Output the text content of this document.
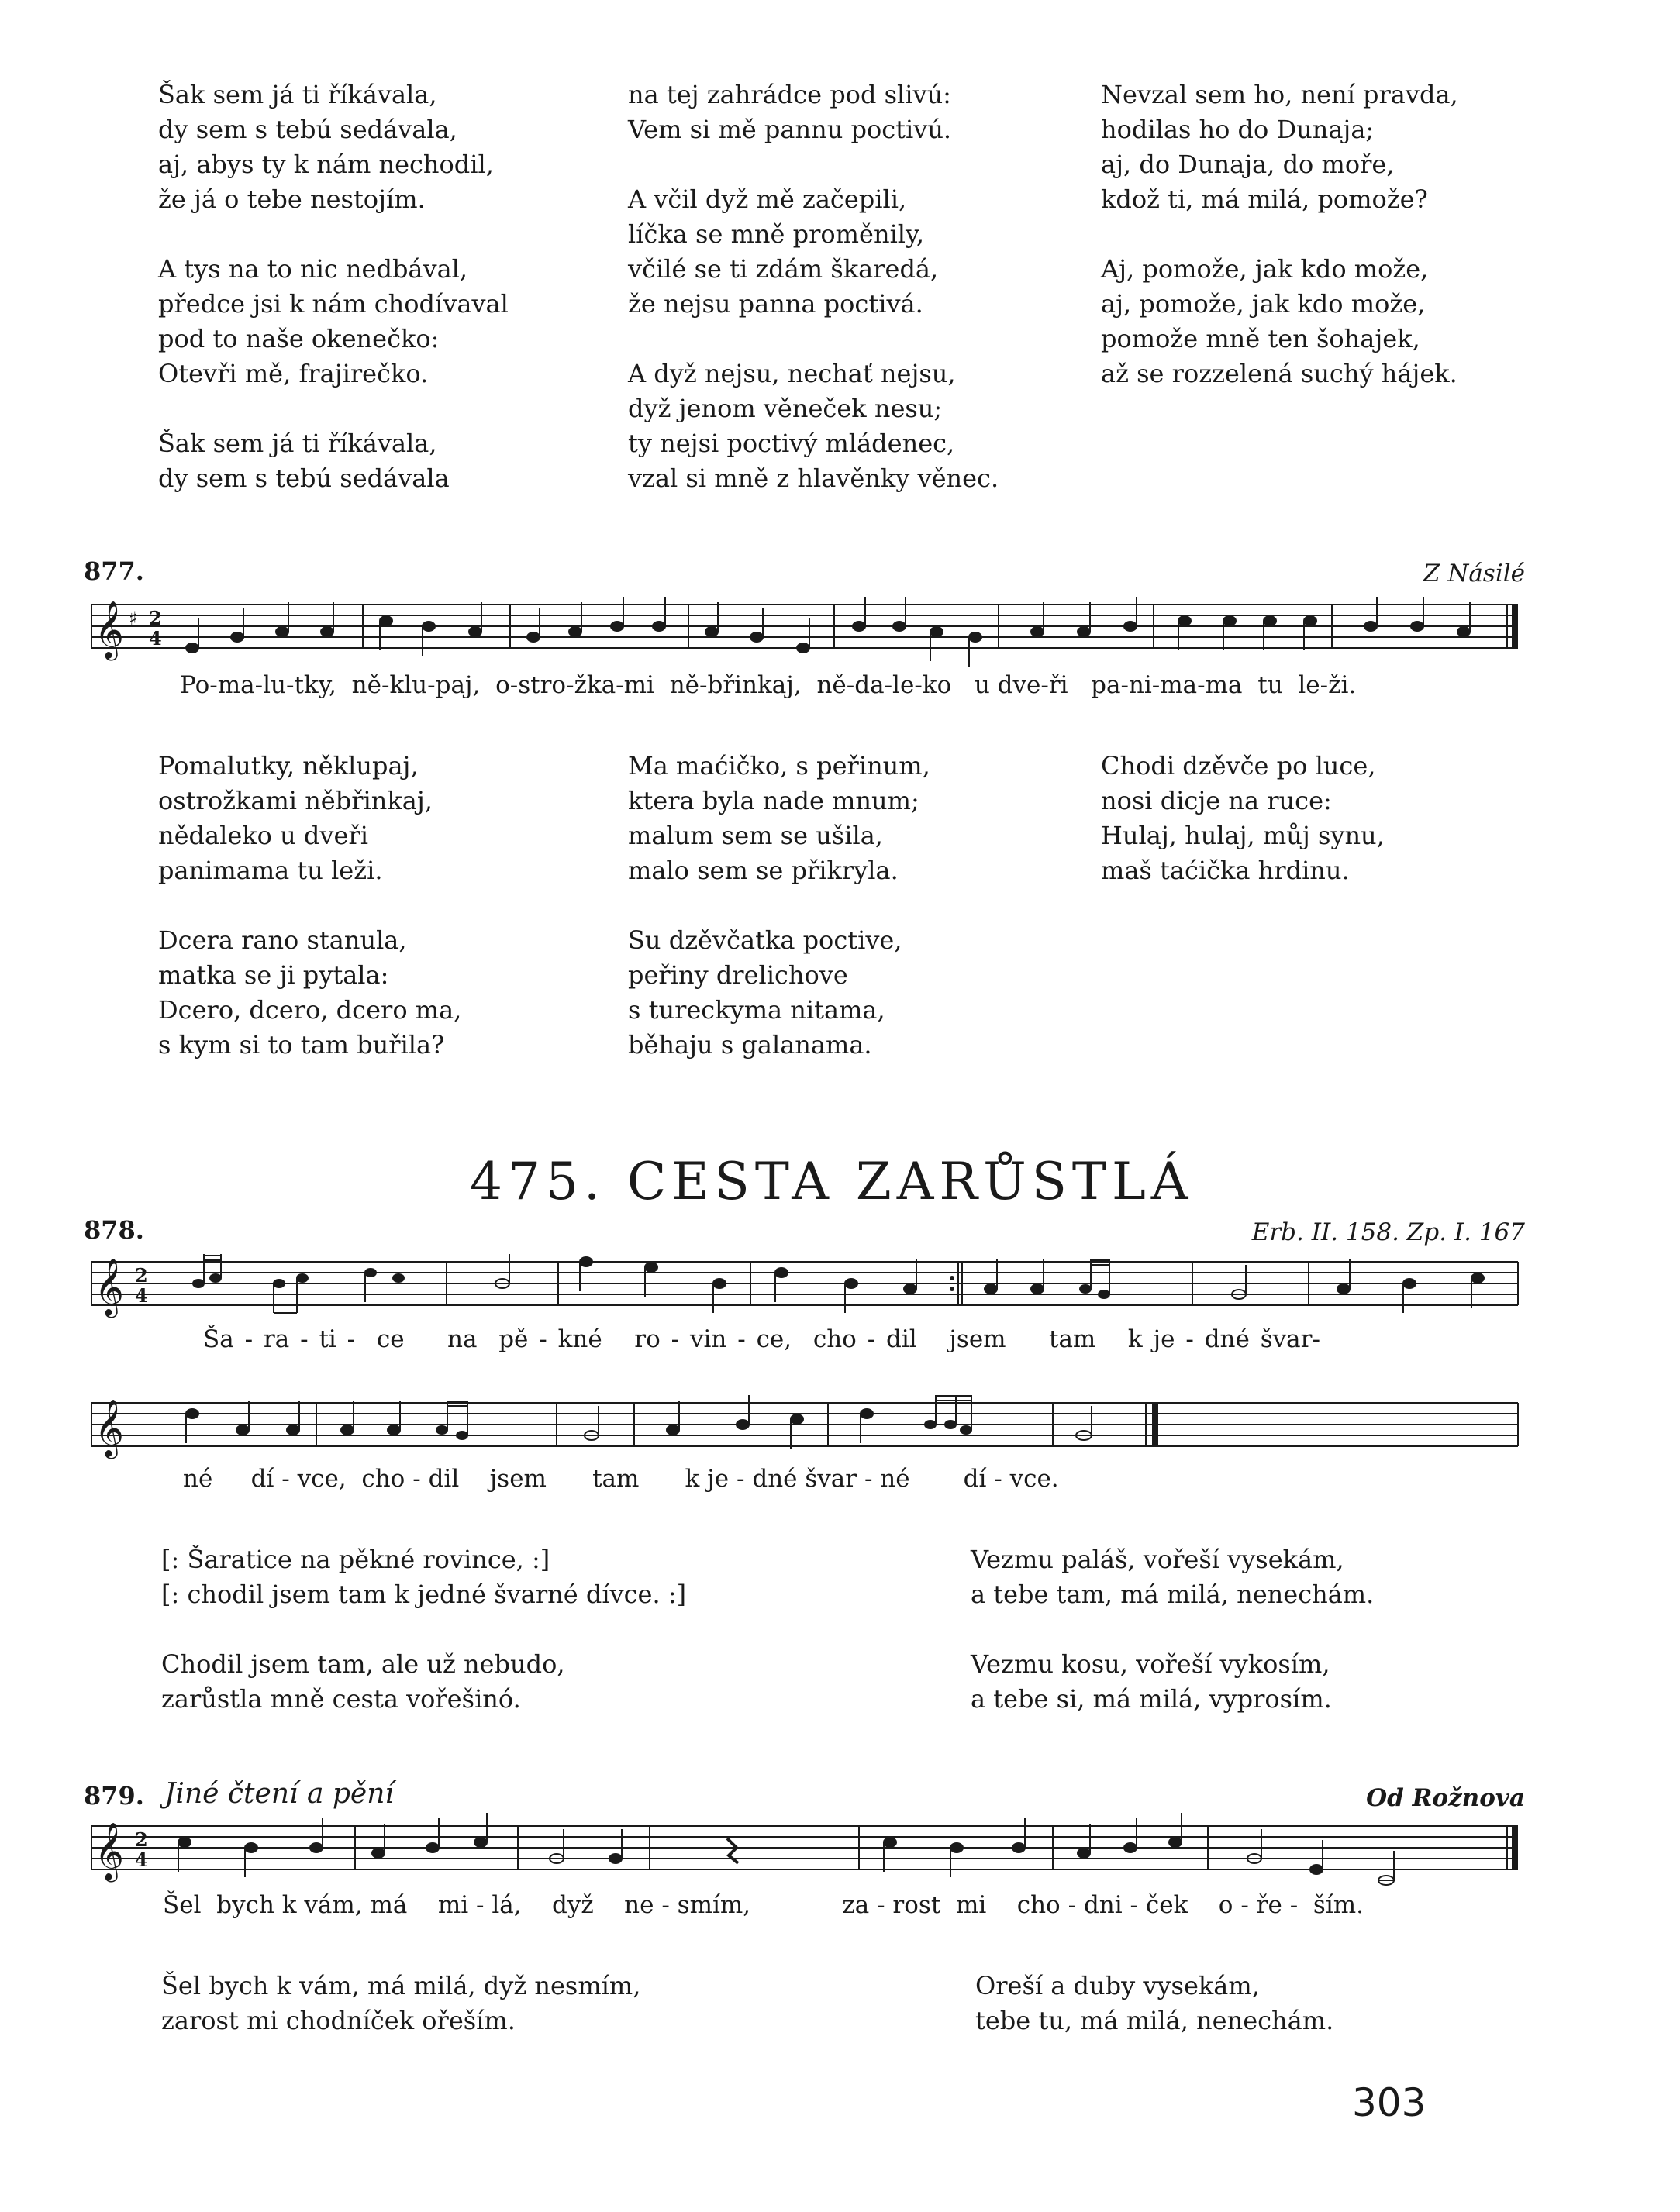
Šak sem já ti říkávala,
dy sem s tebú sedávala,
aj, abys ty k nám nechodil,
že já o tebe nestojím.
A tys na to nic nedbával,
předce jsi k nám chodívaval
pod to naše okenečko:
Otevři mě, frajirečko.
Šak sem já ti říkávala,
dy sem s tebú sedávala
na tej zahrádce pod slivú:
Vem si mě pannu poctivú.
A včil dyž mě začepili,
líčka se mně proměnily,
včilé se ti zdám škaredá,
že nejsu panna poctivá.
A dyž nejsu, nechať nejsu,
dyž jenom věneček nesu;
ty nejsi poctivý mládenec,
vzal si mně z hlavěnky věnec.
Nevzal sem ho, není pravda,
hodilas ho do Dunaja;
aj, do Dunaja, do moře,
kdož ti, má milá, pomože?
Aj, pomože, jak kdo može,
aj, pomože, jak kdo može,
pomože mně ten šohajek,
až se rozzelená suchý hájek.
877.	Z Násilé
𝄞 ♯ 2
4
Po-ma-lu-tky, ně-klu-paj, o-stro-žka-mi ně-břinkaj, ně-da-le-ko u dve-ři pa-ni-ma-ma tu le-ži.
Pomalutky, něklupaj,
ostrožkami něbřinkaj,
nědaleko u dveři
panimama tu leži.
Dcera rano stanula,
matka se ji pytala:
Dcero, dcero, dcero ma,
s kym si to tam buřila?
Ma maćičko, s peřinum,
ktera byla nade mnum;
malum sem se ušila,
malo sem se přikryla.
Su dzěvčatka poctive,
peřiny drelichove
s tureckyma nitama,
běhaju s galanama.
Chodi dzěvče po luce,
nosi dicje na ruce:
Hulaj, hulaj, můj synu,
maš taćička hrdinu.
475. CESTA ZARŮSTLÁ
878.	Erb. II. 158. Zp. I. 167
𝄞 2
4
Ša - ra - ti - ce na pě - kné ro - vin - ce, cho - dil jsem tam k je - dné švar-
𝄞
né dí - vce, cho - dil jsem tam k je - dné švar - né dí - vce.
[: Šaratice na pěkné rovince, :]
[: chodil jsem tam k jedné švarné dívce. :]
Chodil jsem tam, ale už nebudo,
zarůstla mně cesta vořešinó.
Vezmu paláš, vořeší vysekám,
a tebe tam, má milá, nenechám.
Vezmu kosu, vořeší vykosím,
a tebe si, má milá, vyprosím.
879. Jiné čtení a pění	Od Rožnova
𝄞 2
4
Šel bych k vám, má mi - lá, dyž ne - smím,	za - rost mi cho - dni - ček o - ře - ším.
Šel bych k vám, má milá, dyž nesmím,
zarost mi chodníček ořeším.
Oreší a duby vysekám,
tebe tu, má milá, nenechám.
303
